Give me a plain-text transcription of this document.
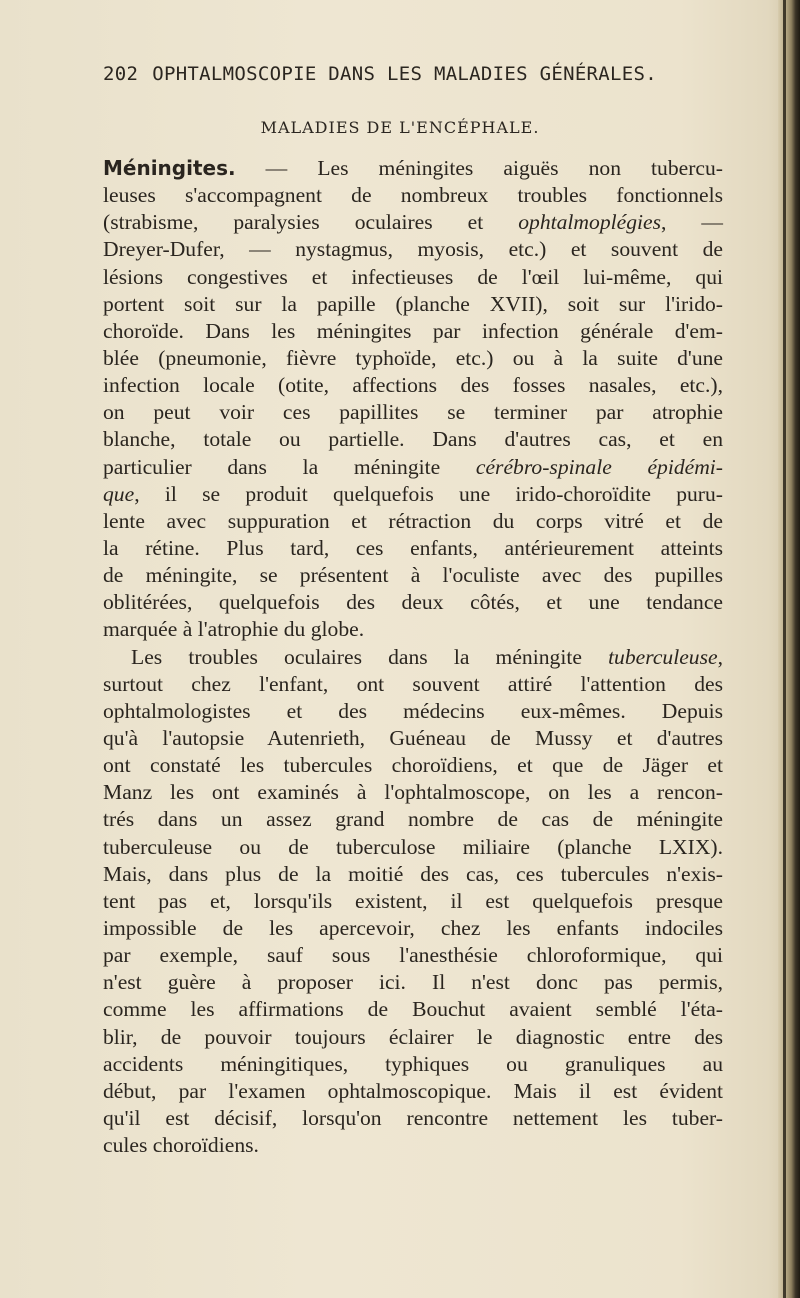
202 OPHTALMOSCOPIE DANS LES MALADIES GÉNÉRALES.
MALADIES DE L'ENCÉPHALE.
Méningites. — Les méningites aiguës non tubercu-
leuses s'accompagnent de nombreux troubles fonctionnels
(strabisme, paralysies oculaires et ophtalmoplégies, —
Dreyer-Dufer, — nystagmus, myosis, etc.) et souvent de
lésions congestives et infectieuses de l'œil lui-même, qui
portent soit sur la papille (planche XVII), soit sur l'irido-
choroïde. Dans les méningites par infection générale d'em-
blée (pneumonie, fièvre typhoïde, etc.) ou à la suite d'une
infection locale (otite, affections des fosses nasales, etc.),
on peut voir ces papillites se terminer par atrophie
blanche, totale ou partielle. Dans d'autres cas, et en
particulier dans la méningite cérébro-spinale épidémi-
que, il se produit quelquefois une irido-choroïdite puru-
lente avec suppuration et rétraction du corps vitré et de
la rétine. Plus tard, ces enfants, antérieurement atteints
de méningite, se présentent à l'oculiste avec des pupilles
oblitérées, quelquefois des deux côtés, et une tendance
marquée à l'atrophie du globe.
Les troubles oculaires dans la méningite tuberculeuse,
surtout chez l'enfant, ont souvent attiré l'attention des
ophtalmologistes et des médecins eux-mêmes. Depuis
qu'à l'autopsie Autenrieth, Guéneau de Mussy et d'autres
ont constaté les tubercules choroïdiens, et que de Jäger et
Manz les ont examinés à l'ophtalmoscope, on les a rencon-
trés dans un assez grand nombre de cas de méningite
tuberculeuse ou de tuberculose miliaire (planche LXIX).
Mais, dans plus de la moitié des cas, ces tubercules n'exis-
tent pas et, lorsqu'ils existent, il est quelquefois presque
impossible de les apercevoir, chez les enfants indociles
par exemple, sauf sous l'anesthésie chloroformique, qui
n'est guère à proposer ici. Il n'est donc pas permis,
comme les affirmations de Bouchut avaient semblé l'éta-
blir, de pouvoir toujours éclairer le diagnostic entre des
accidents méningitiques, typhiques ou granuliques au
début, par l'examen ophtalmoscopique. Mais il est évident
qu'il est décisif, lorsqu'on rencontre nettement les tuber-
cules choroïdiens.
